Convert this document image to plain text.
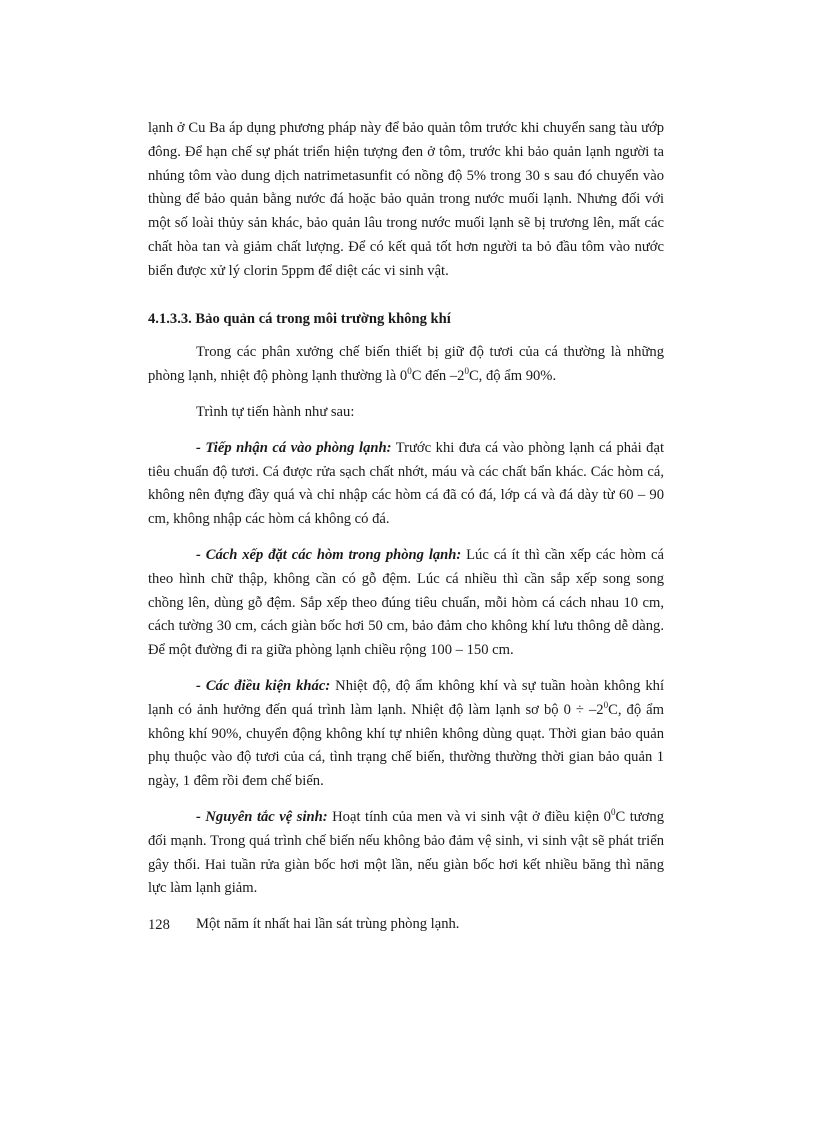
lạnh ở Cu Ba áp dụng phương pháp này để bảo quản tôm trước khi chuyển sang tàu ướp đông. Để hạn chế sự phát triển hiện tượng đen ở tôm, trước khi bảo quản lạnh người ta nhúng tôm vào dung dịch natrimetasunfit có nồng độ 5% trong 30 s sau đó chuyển vào thùng để bảo quản bằng nước đá hoặc bảo quản trong nước muối lạnh. Nhưng đối với một số loài thủy sản khác, bảo quản lâu trong nước muối lạnh sẽ bị trương lên, mất các chất hòa tan và giảm chất lượng. Để có kết quả tốt hơn người ta bỏ đầu tôm vào nước biển được xử lý clorin 5ppm để diệt các vi sinh vật.

4.1.3.3. Bảo quản cá trong môi trường không khí

Trong các phân xưởng chế biến thiết bị giữ độ tươi của cá thường là những phòng lạnh, nhiệt độ phòng lạnh thường là $0^0C$ đến $-2^0C$, độ ẩm 90%.

Trình tự tiến hành như sau:

- Tiếp nhận cá vào phòng lạnh: Trước khi đưa cá vào phòng lạnh cá phải đạt tiêu chuẩn độ tươi. Cá được rửa sạch chất nhớt, máu và các chất bẩn khác. Các hòm cá, không nên đựng đầy quá và chỉ nhập các hòm cá đã có đá, lớp cá và đá dày từ 60 – 90 cm, không nhập các hòm cá không có đá.

- Cách xếp đặt các hòm trong phòng lạnh: Lúc cá ít thì cần xếp các hòm cá theo hình chữ thập, không cần có gỗ đệm. Lúc cá nhiều thì cần sắp xếp song song chồng lên, dùng gỗ đệm. Sắp xếp theo đúng tiêu chuẩn, mỗi hòm cá cách nhau 10 cm, cách tường 30 cm, cách giàn bốc hơi 50 cm, bảo đảm cho không khí lưu thông dễ dàng. Để một đường đi ra giữa phòng lạnh chiều rộng 100 – 150 cm.

- Các điều kiện khác: Nhiệt độ, độ ẩm không khí và sự tuần hoàn không khí lạnh có ảnh hưởng đến quá trình làm lạnh. Nhiệt độ làm lạnh sơ bộ $0 \div -2^0C$, độ ẩm không khí 90%, chuyển động không khí tự nhiên không dùng quạt. Thời gian bảo quản phụ thuộc vào độ tươi của cá, tình trạng chế biến, thường thường thời gian bảo quản 1 ngày, 1 đêm rồi đem chế biến.

- Nguyên tắc vệ sinh: Hoạt tính của men và vi sinh vật ở điều kiện $0^0C$ tương đối mạnh. Trong quá trình chế biến nếu không bảo đảm vệ sinh, vi sinh vật sẽ phát triển gây thối. Hai tuần rửa giàn bốc hơi một lần, nếu giàn bốc hơi kết nhiều băng thì năng lực làm lạnh giảm.

Một năm ít nhất hai lần sát trùng phòng lạnh.

128
